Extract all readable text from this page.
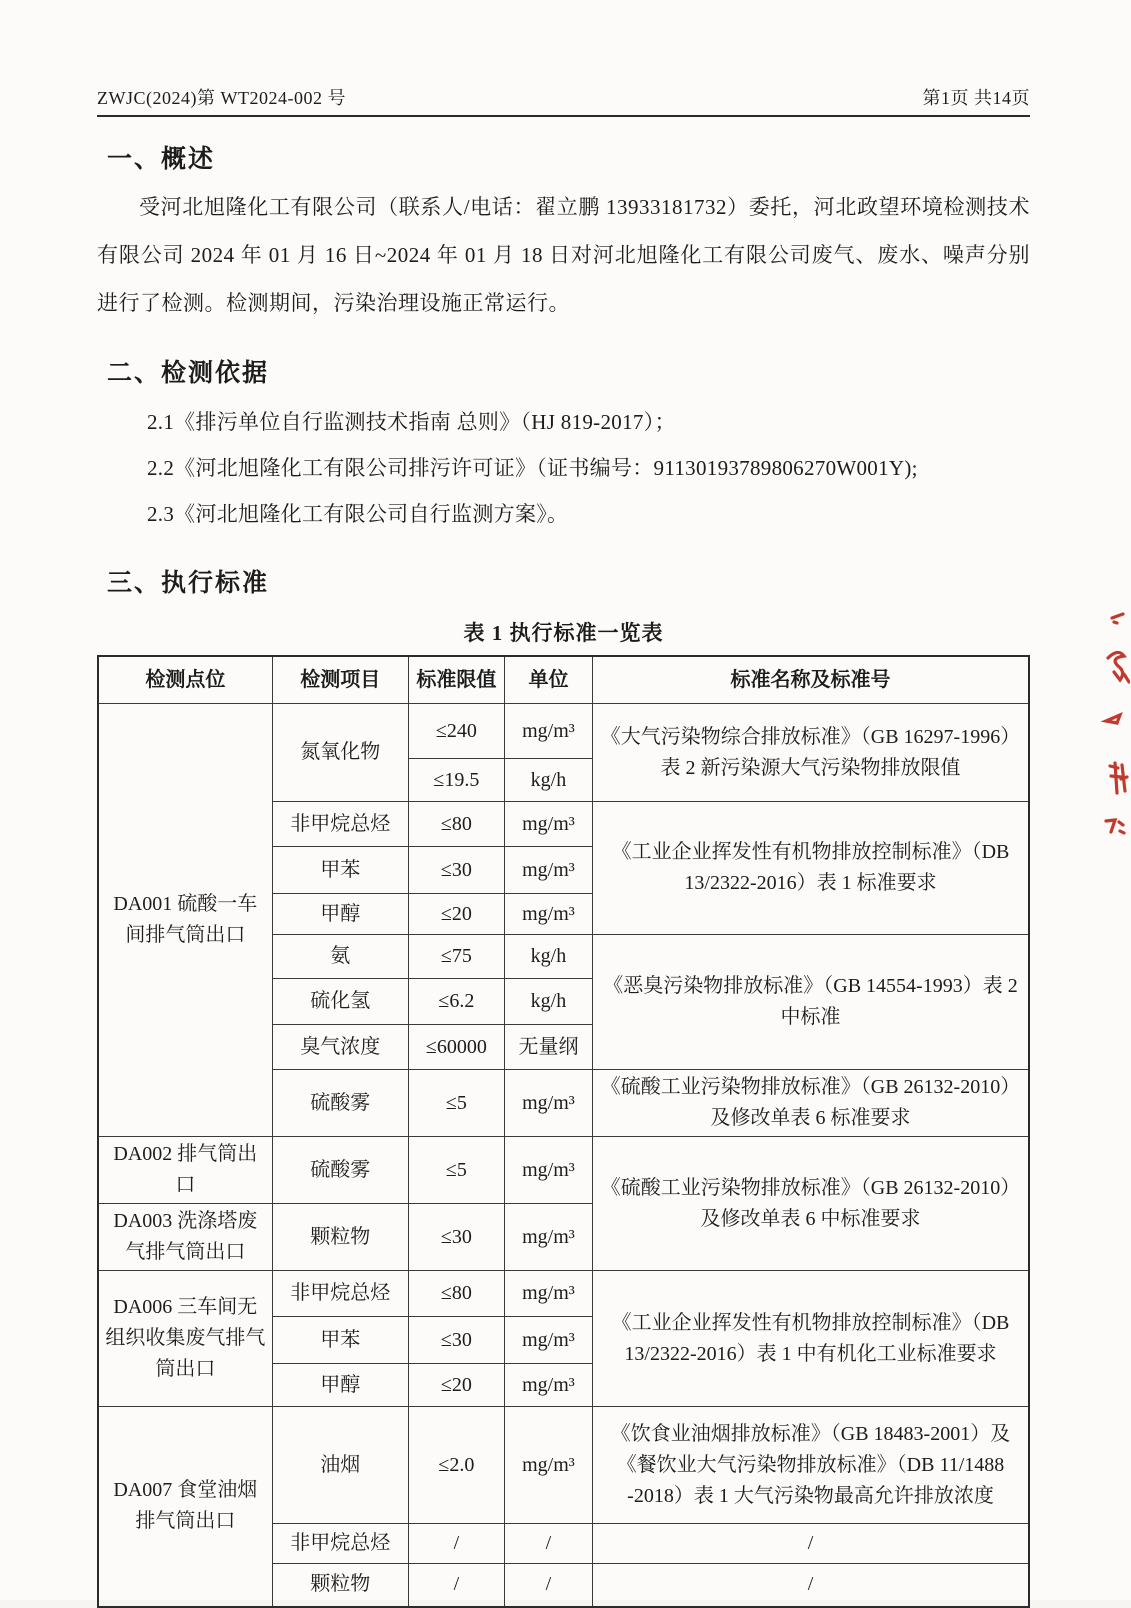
ZWJC(2024)第 WT2024-002 号	第1页 共14页
一、概述

受河北旭隆化工有限公司（联系人/电话：翟立鹏 13933181732）委托，河北政望环境检测技术有限公司 2024 年 01 月 16 日~2024 年 01 月 18 日对河北旭隆化工有限公司废气、废水、噪声分别进行了检测。检测期间，污染治理设施正常运行。

二、检测依据

2.1《排污单位自行监测技术指南 总则》（HJ 819-2017）；

2.2《河北旭隆化工有限公司排污许可证》（证书编号：91130193789806270W001Y);

2.3《河北旭隆化工有限公司自行监测方案》。

三、执行标准
表 1 执行标准一览表
检测点位	检测项目	标准限值	单位	标准名称及标准号
DA001 硫酸一车间排气筒出口	氮氧化物	≤240	mg/m³	《大气污染物综合排放标准》（GB 16297-1996）表 2 新污染源大气污染物排放限值
		≤19.5	kg/h	
	非甲烷总烃	≤80	mg/m³	《工业企业挥发性有机物排放控制标准》（DB 13/2322-2016）表 1 标准要求
	甲苯	≤30	mg/m³	
	甲醇	≤20	mg/m³	
	氨	≤75	kg/h	《恶臭污染物排放标准》（GB 14554-1993）表 2 中标准
	硫化氢	≤6.2	kg/h	
	臭气浓度	≤60000	无量纲	
	硫酸雾	≤5	mg/m³	《硫酸工业污染物排放标准》（GB 26132-2010）及修改单表 6 标准要求
DA002 排气筒出口	硫酸雾	≤5	mg/m³	《硫酸工业污染物排放标准》（GB 26132-2010）及修改单表 6 中标准要求
DA003 洗涤塔废气排气筒出口	颗粒物	≤30	mg/m³	
DA006 三车间无组织收集废气排气筒出口	非甲烷总烃	≤80	mg/m³	《工业企业挥发性有机物排放控制标准》（DB 13/2322-2016）表 1 中有机化工业标准要求
	甲苯	≤30	mg/m³	
	甲醇	≤20	mg/m³	
DA007 食堂油烟排气筒出口	油烟	≤2.0	mg/m³	《饮食业油烟排放标准》（GB 18483-2001）及《餐饮业大气污染物排放标准》（DB 11/1488 -2018）表 1 大气污染物最高允许排放浓度
	非甲烷总烃	/	/	/
	颗粒物	/	/	/
